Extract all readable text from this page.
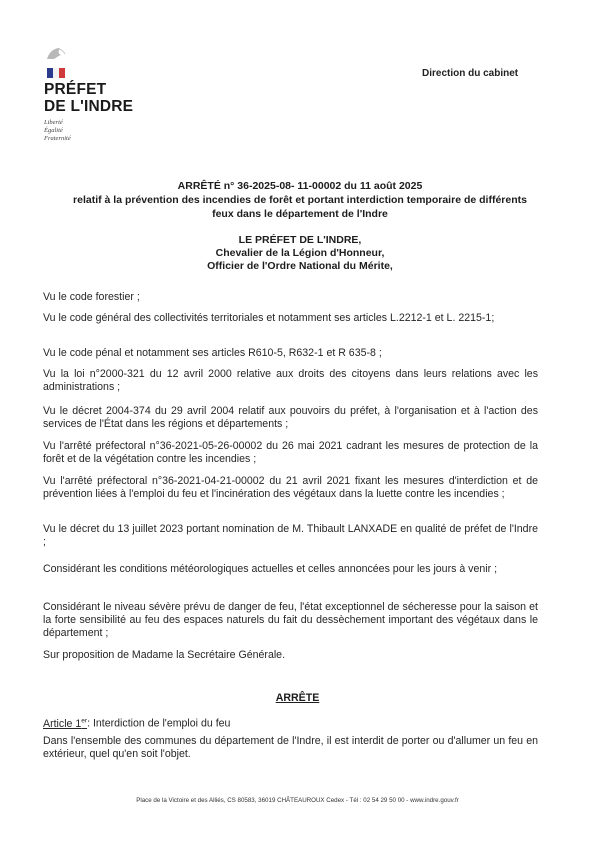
PRÉFET
DE L'INDRE
Liberté
Égalité
Fraternité
Direction du cabinet
ARRÊTÉ n° 36-2025-08- 11-00002 du 11 août 2025
relatif à la prévention des incendies de forêt et portant interdiction temporaire de différents
feux dans le département de l'Indre
LE PRÉFET DE L'INDRE,
Chevalier de la Légion d'Honneur,
Officier de l'Ordre National du Mérite,
Vu le code forestier ;
Vu le code général des collectivités territoriales et notamment ses articles L.2212-1 et L. 2215-1;
Vu le code pénal et notamment ses articles R610-5, R632-1 et R 635-8 ;
Vu la loi n°2000-321 du 12 avril 2000 relative aux droits des citoyens dans leurs relations avec les administrations ;
Vu le décret 2004-374 du 29 avril 2004 relatif aux pouvoirs du préfet, à l'organisation et à l'action des services de l'État dans les régions et départements ;
Vu l'arrêté préfectoral n°36-2021-05-26-00002 du 26 mai 2021 cadrant les mesures de protection de la forêt et de la végétation contre les incendies ;
Vu l'arrêté préfectoral n°36-2021-04-21-00002 du 21 avril 2021 fixant les mesures d'interdiction et de prévention liées à l'emploi du feu et l'incinération des végétaux dans la luette contre les incendies ;
Vu le décret du 13 juillet 2023 portant nomination de M. Thibault LANXADE en qualité de préfet de l'Indre ;
Considérant les conditions météorologiques actuelles et celles annoncées pour les jours à venir ;
Considérant le niveau sévère prévu de danger de feu, l'état exceptionnel de sécheresse pour la saison et la forte sensibilité au feu des espaces naturels du fait du dessèchement important des végétaux dans le département ;
Sur proposition de Madame la Secrétaire Générale.
ARRÊTE
Article 1er: Interdiction de l'emploi du feu
Dans l'ensemble des communes du département de l'Indre, il est interdit de porter ou d'allumer un feu en extérieur, quel qu'en soit l'objet.
Place de la Victoire et des Alliés, CS 80583, 36019 CHÂTEAUROUX Cedex - Tél : 02 54 29 50 00 - www.indre.gouv.fr
